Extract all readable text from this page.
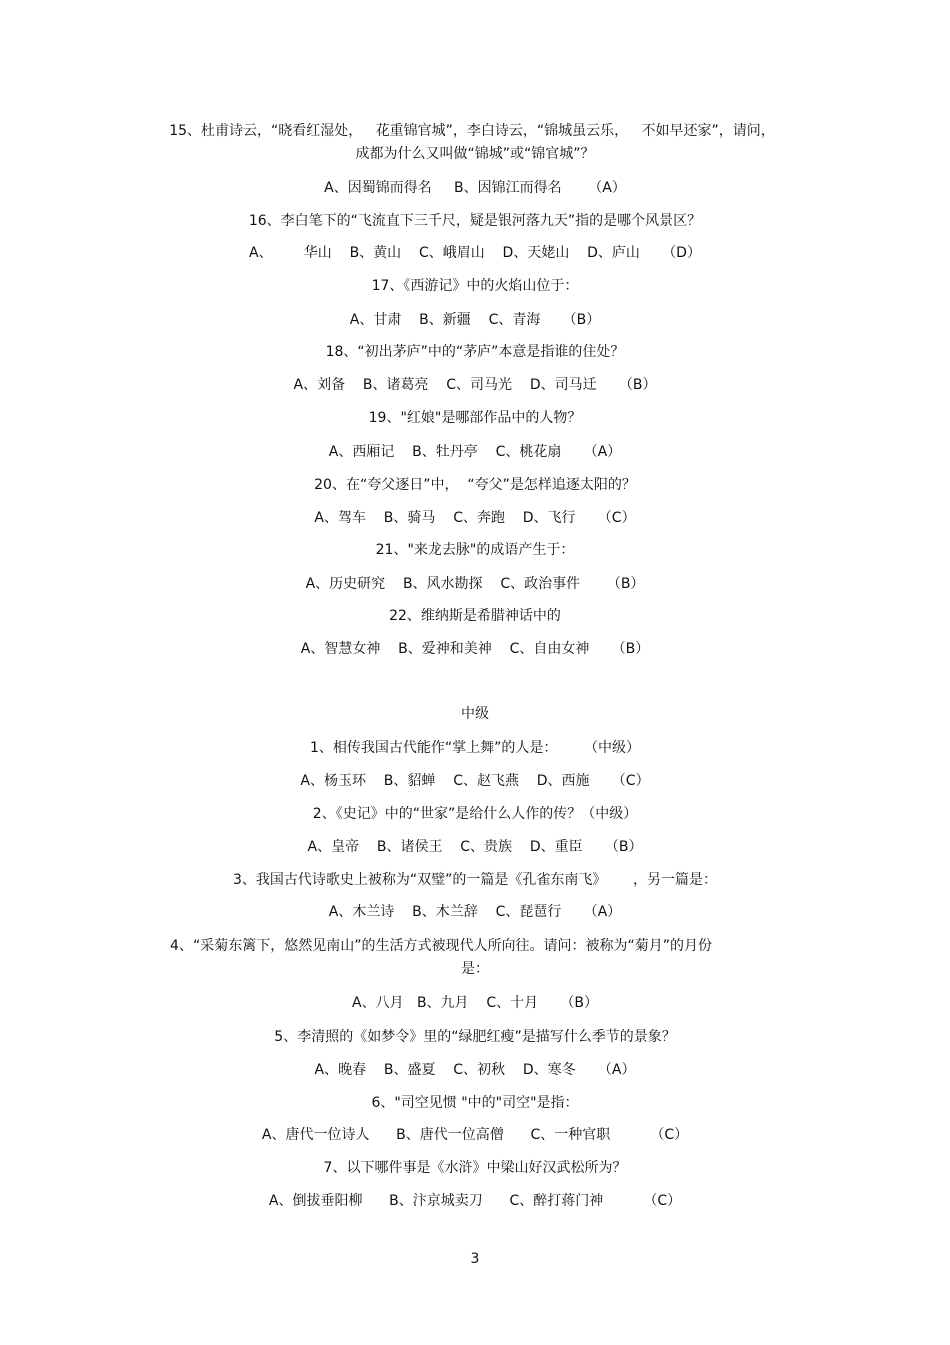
15、杜甫诗云，“晓看红湿处，   花重锦官城”，李白诗云，“锦城虽云乐，   不如早还家”，请问，
成都为什么又叫做“锦城”或“锦官城”？
A、因蜀锦而得名     B、因锦江而得名      （A）
16、李白笔下的“飞流直下三千尺，疑是银河落九天”指的是哪个风景区？
A、       华山    B、黄山    C、峨眉山    D、天姥山    D、庐山     （D）
17、《西游记》中的火焰山位于：
A、甘肃    B、新疆    C、青海     （B）
18、“初出茅庐”中的“茅庐”本意是指谁的住处？
A、刘备    B、诸葛亮    C、司马光    D、司马迁     （B）
19、"红娘"是哪部作品中的人物？
A、西厢记    B、牡丹亭    C、桃花扇     （A）
20、在“夸父逐日”中，  “夸父”是怎样追逐太阳的？
A、驾车    B、骑马    C、奔跑    D、飞行     （C）
21、"来龙去脉"的成语产生于：
A、历史研究    B、风水勘探    C、政治事件      （B）
22、维纳斯是希腊神话中的
A、智慧女神    B、爱神和美神    C、自由女神     （B）
中级
1、相传我国古代能作“掌上舞”的人是：      （中级）
A、杨玉环    B、貂蝉    C、赵飞燕    D、西施     （C）
2、《史记》中的“世家”是给什么人作的传？（中级）
A、皇帝    B、诸侯王    C、贵族    D、重臣     （B）
3、我国古代诗歌史上被称为“双璧”的一篇是《孔雀东南飞》      ，另一篇是：
A、木兰诗    B、木兰辞    C、琵琶行     （A）
4、“采菊东篱下，悠然见南山”的生活方式被现代人所向往。请问：被称为“菊月”的月份
是：
A、八月   B、九月    C、十月     （B）
5、李清照的《如梦令》里的“绿肥红瘦”是描写什么季节的景象？
A、晚春    B、盛夏    C、初秋    D、寒冬     （A）
6、"司空见惯 "中的"司空"是指：
A、唐代一位诗人      B、唐代一位高僧      C、一种官职         （C）
7、以下哪件事是《水浒》中梁山好汉武松所为？
A、倒拔垂阳柳      B、汴京城卖刀      C、醉打蒋门神         （C）
3
